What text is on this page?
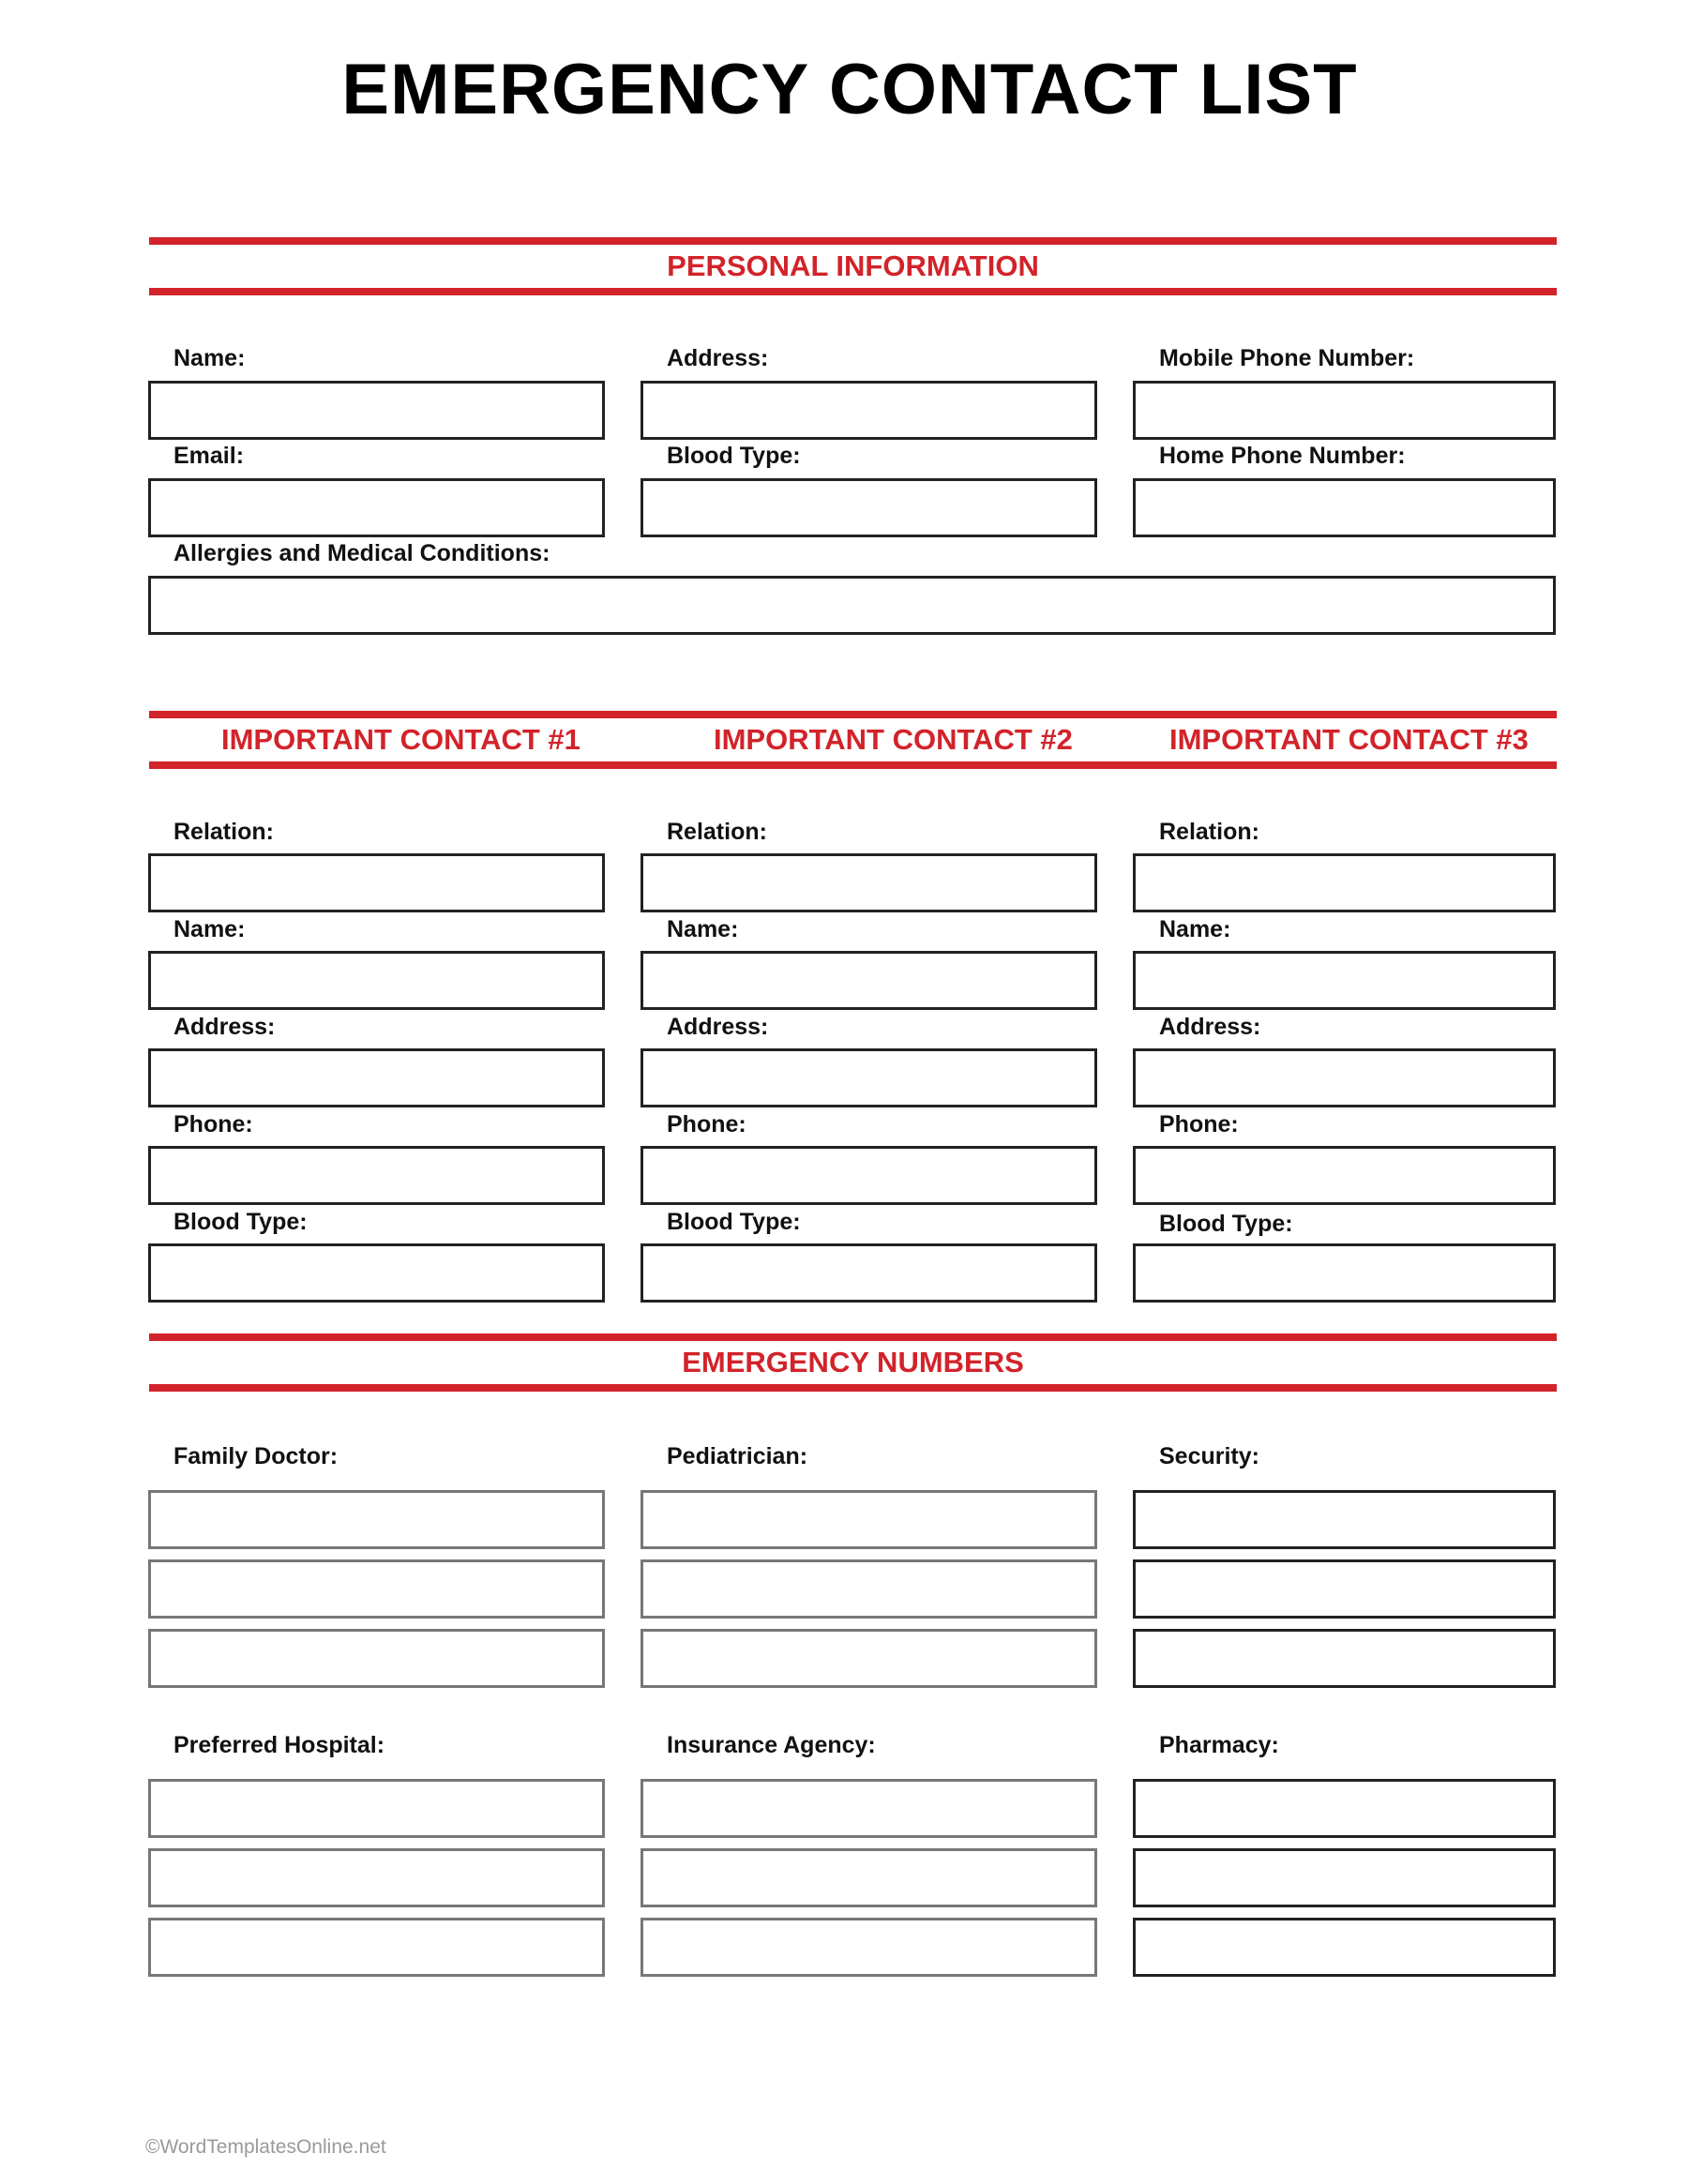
EMERGENCY CONTACT LIST
PERSONAL INFORMATION
Name:	Address:	Mobile Phone Number:
Email:	Blood Type:	Home Phone Number:
Allergies and Medical Conditions:
IMPORTANT CONTACT #1	IMPORTANT CONTACT #2	IMPORTANT CONTACT #3
Relation:	Relation:	Relation:
Name:	Name:	Name:
Address:	Address:	Address:
Phone:	Phone:	Phone:
Blood Type:	Blood Type:	Blood Type:
EMERGENCY NUMBERS
Family Doctor:	Pediatrician:	Security:
Preferred Hospital:	Insurance Agency:	Pharmacy:
©WordTemplatesOnline.net
